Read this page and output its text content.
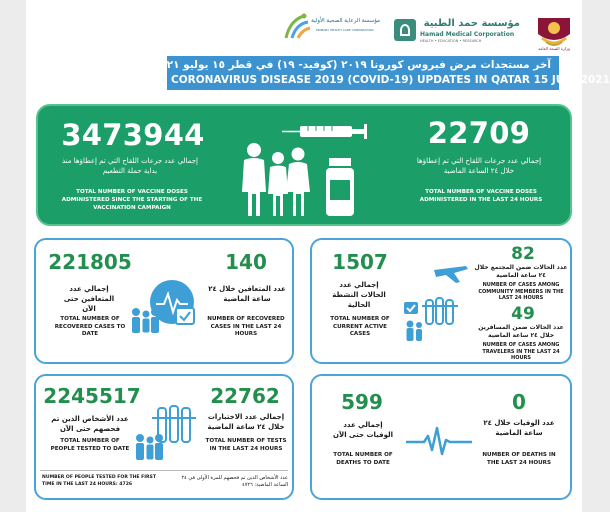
وزارة الصحة العامة
مؤسسة حمد الطبية
Hamad Medical Corporation
HEALTH • EDUCATION • RESEARCH
مؤسسة الرعاية الصحية الأولية
PRIMARY HEALTH CARE CORPORATION
آخر مستجدات مرض فيروس كورونا ٢٠١٩ (كوفيد- ١٩) في قطر ١٥ يوليو ٢٠٢١
CORONAVIRUS DISEASE 2019 (COVID-19) UPDATES IN QATAR 15 JULY 2021
3473944
إجمالي عدد جرعات اللقاح التي تم إعطاؤها منذ بداية حملة التطعيم
TOTAL NUMBER OF VACCINE DOSES ADMINISTERED SINCE THE STARTING OF THE VACCINATION CAMPAIGN
22709
إجمالي عدد جرعات اللقاح التي تم إعطاؤها خلال ٢٤ الساعة الماضية
TOTAL NUMBER OF VACCINE DOSES ADMINISTERED IN THE LAST 24 HOURS
221805
إجمالي عدد المتعافين حتى الآن
TOTAL NUMBER OF RECOVERED CASES TO DATE
140
عدد المتعافين خلال ٢٤ ساعة الماضية
NUMBER OF RECOVERED CASES IN THE LAST 24 HOURS
1507
إجمالي عدد الحالات النشطة الحالية
TOTAL NUMBER OF CURRENT ACTIVE CASES
82
عدد الحالات ضمن المجتمع خلال ٢٤ ساعة الماضية
NUMBER OF CASES AMONG COMMUNITY MEMBERS IN THE LAST 24 HOURS
49
عدد الحالات ضمن المسافرين خلال ٢٤ ساعة الماضية
NUMBER OF CASES AMONG TRAVELERS IN THE LAST 24 HOURS
2245517
عدد الأشخاص الذين تم فحصهم حتى الآن
TOTAL NUMBER OF PEOPLE TESTED TO DATE
22762
إجمالي عدد الاختبارات خلال ٢٤ ساعة الماضية
TOTAL NUMBER OF TESTS IN THE LAST 24 HOURS
NUMBER OF PEOPLE TESTED FOR THE FIRST TIME IN THE LAST 24 HOURS: 4726
عدد الأشخاص الذين تم فحصهم للمرة الأولى في ٢٤ الساعة الماضية: ٤٧٢٦
599
إجمالي عدد الوفيات حتى الآن
TOTAL NUMBER OF DEATHS TO DATE
0
عدد الوفيات خلال ٢٤ ساعة الماضية
NUMBER OF DEATHS IN THE LAST 24 HOURS
